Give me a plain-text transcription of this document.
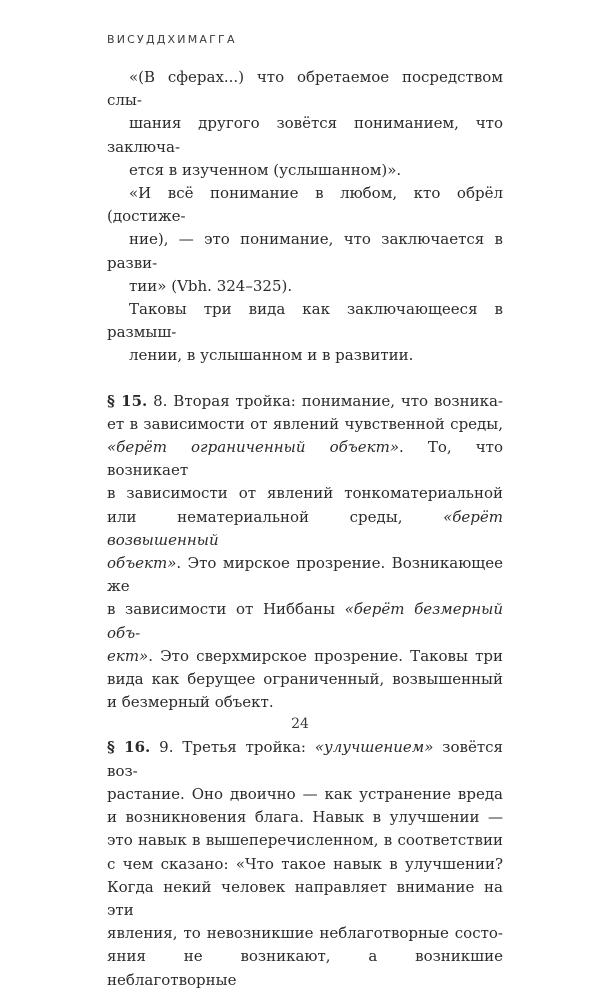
ВИСУДДХИМАГГА

«(В сферах...) что обретаемое посредством слы-
шания другого зовётся пониманием, что заключа-
ется в изученном (услышанном)».

«И всё понимание в любом, кто обрёл (достиже-
ние), — это понимание, что заключается в разви-
тии» (Vbh. 324–325).

Таковы три вида как заключающееся в размыш-
лении, в услышанном и в развитии.

§ 15. 8. Вторая тройка: понимание, что возника-
ет в зависимости от явлений чувственной среды,
«берёт ограниченный объект». То, что возникает
в зависимости от явлений тонкоматериальной
или нематериальной среды, «берёт возвышенный
объект». Это мирское прозрение. Возникающее же
в зависимости от Ниббаны «берёт безмерный объ-
ект». Это сверхмирское прозрение. Таковы три
вида как берущее ограниченный, возвышенный
и безмерный объект.

§ 16. 9. Третья тройка: «улучшением» зовётся воз-
растание. Оно двоично — как устранение вреда
и возникновения блага. Навык в улучшении —
это навык в вышеперечисленном, в соответствии
с чем сказано: «Что такое навык в улучшении?
Когда некий человек направляет внимание на эти
явления, то невозникшие неблаготворные состо-
яния не возникают, а возникшие неблаготворные

24
